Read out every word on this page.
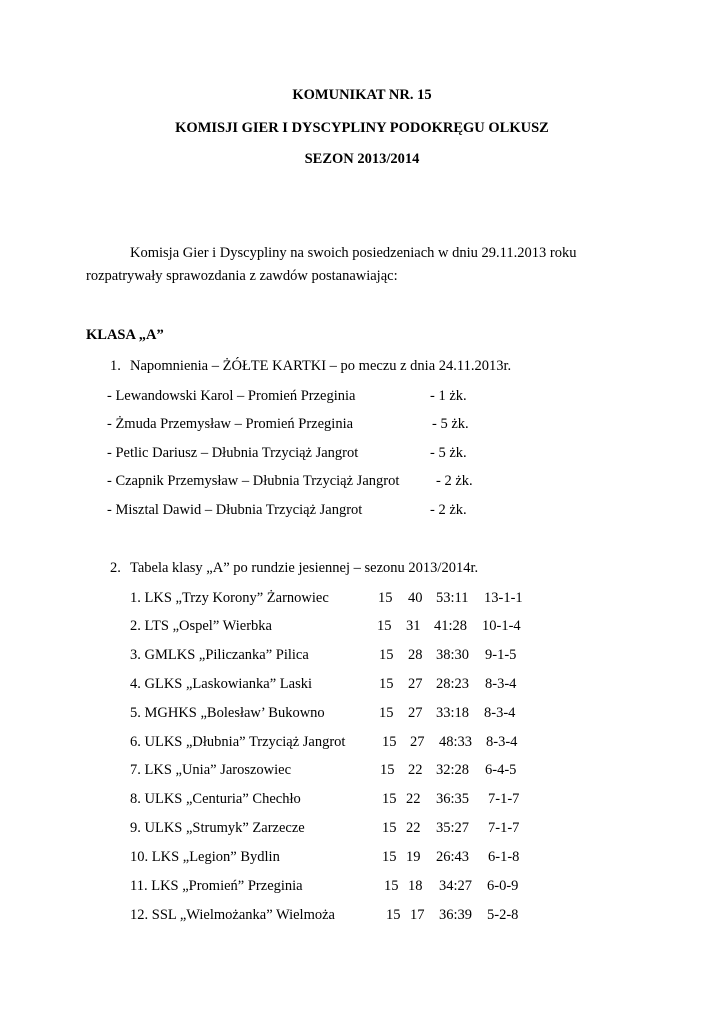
KOMUNIKAT NR. 15
KOMISJI GIER I DYSCYPLINY PODOKRĘGU OLKUSZ
SEZON 2013/2014
Komisja Gier i Dyscypliny na swoich posiedzeniach w dniu 29.11.2013 roku
rozpatrywały sprawozdania z zawdów postanawiając:
KLASA „A”
1. Napomnienia – ŻÓŁTE KARTKI – po meczu z dnia 24.11.2013r.
- Lewandowski Karol – Promień Przeginia	- 1 żk.
- Żmuda Przemysław – Promień Przeginia	- 5 żk.
- Petlic Dariusz – Dłubnia Trzyciąż Jangrot	- 5 żk.
- Czapnik Przemysław – Dłubnia Trzyciąż Jangrot	- 2 żk.
- Misztal Dawid – Dłubnia Trzyciąż Jangrot	- 2 żk.
2. Tabela klasy „A” po rundzie jesiennej – sezonu 2013/2014r.
1. LKS „Trzy Korony” Żarnowiec	15 40 53:11 13-1-1
2. LTS „Ospel” Wierbka	15 31 41:28 10-1-4
3. GMLKS „Piliczanka” Pilica	15 28 38:30 9-1-5
4. GLKS „Laskowianka” Laski	15 27 28:23 8-3-4
5. MGHKS „Bolesław’ Bukowno	15 27 33:18 8-3-4
6. ULKS „Dłubnia” Trzyciąż Jangrot	15 27 48:33 8-3-4
7. LKS „Unia” Jaroszowiec	15 22 32:28 6-4-5
8. ULKS „Centuria” Chechło	15 22 36:35 7-1-7
9. ULKS „Strumyk” Zarzecze	15 22 35:27 7-1-7
10. LKS „Legion” Bydlin	15 19 26:43 6-1-8
11. LKS „Promień” Przeginia	15 18 34:27 6-0-9
12. SSL „Wielmożanka” Wielmoża	15 17 36:39 5-2-8
